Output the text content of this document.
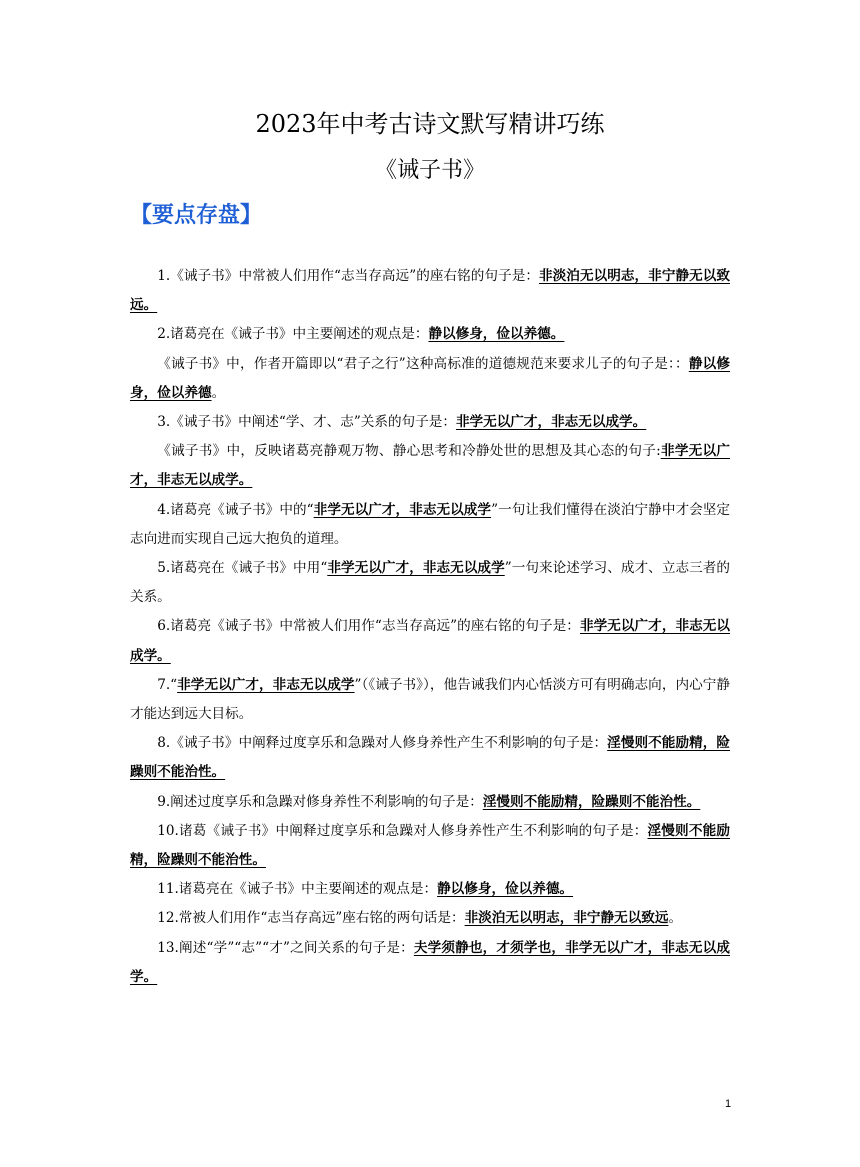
2023年中考古诗文默写精讲巧练
《诫子书》
【要点存盘】

1.《诫子书》中常被人们用作“志当存高远”的座右铭的句子是：非淡泊无以明志，非宁静无以致远。

2.诸葛亮在《诫子书》中主要阐述的观点是：静以修身，俭以养德。

《诫子书》中，作者开篇即以“君子之行”这种高标准的道德规范来要求儿子的句子是：：静以修身，俭以养德。

3.《诫子书》中阐述“学、才、志”关系的句子是：非学无以广才，非志无以成学。

《诫子书》中，反映诸葛亮静观万物、静心思考和冷静处世的思想及其心态的句子:非学无以广才，非志无以成学。

4.诸葛亮《诫子书》中的“非学无以广才，非志无以成学”一句让我们懂得在淡泊宁静中才会坚定志向进而实现自己远大抱负的道理。

5.诸葛亮在《诫子书》中用“非学无以广才，非志无以成学”一句来论述学习、成才、立志三者的关系。

6.诸葛亮《诫子书》中常被人们用作“志当存高远”的座右铭的句子是：非学无以广才，非志无以成学。

7.“非学无以广才，非志无以成学”（《诫子书》），他告诫我们内心恬淡方可有明确志向，内心宁静才能达到远大目标。

8.《诫子书》中阐释过度享乐和急躁对人修身养性产生不利影响的句子是：淫慢则不能励精，险躁则不能治性。

9.阐述过度享乐和急躁对修身养性不利影响的句子是：淫慢则不能励精，险躁则不能治性。

10.诸葛《诫子书》中阐释过度享乐和急躁对人修身养性产生不利影响的句子是：淫慢则不能励精，险躁则不能治性。

11.诸葛亮在《诫子书》中主要阐述的观点是：静以修身，俭以养德。

12.常被人们用作“志当存高远”座右铭的两句话是：非淡泊无以明志，非宁静无以致远。

13.阐述“学”“志”“才”之间关系的句子是：夫学须静也，才须学也，非学无以广才，非志无以成学。

1
